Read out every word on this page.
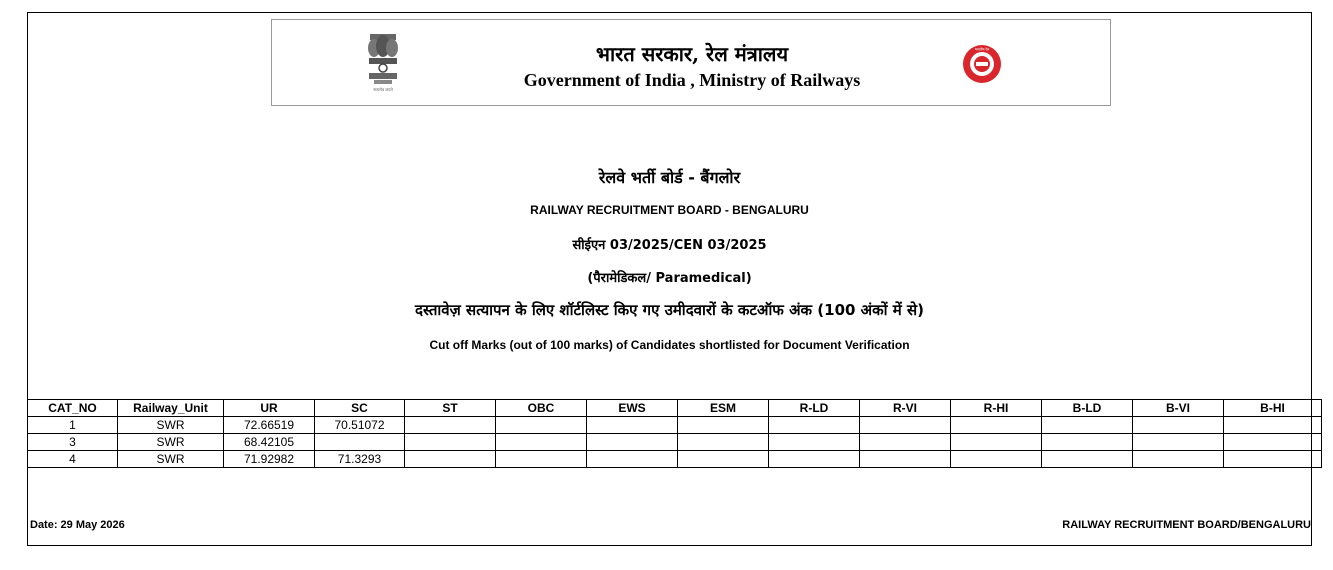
सत्यमेव जयते
भारत सरकार, रेल मंत्रालय
Government of India , Ministry of Railways
भारतीय रेल
रेलवे भर्ती बोर्ड - बैंगलोर
RAILWAY RECRUITMENT BOARD - BENGALURU
सीईएन 03/2025/CEN 03/2025
(पैरामेडिकल/ Paramedical)
दस्तावेज़ सत्यापन के लिए शॉर्टलिस्ट किए गए उमीदवारों के कटऑफ अंक (100 अंकों में से)
Cut off Marks (out of 100 marks) of Candidates shortlisted for Document Verification
CAT_NO	Railway_Unit	UR	SC	ST	OBC	EWS	ESM	R-LD	R-VI	R-HI	B-LD	B-VI	B-HI
1	SWR	72.66519	70.51072										
3	SWR	68.42105											
4	SWR	71.92982	71.3293										
Date: 29 May 2026	RAILWAY RECRUITMENT BOARD/BENGALURU
